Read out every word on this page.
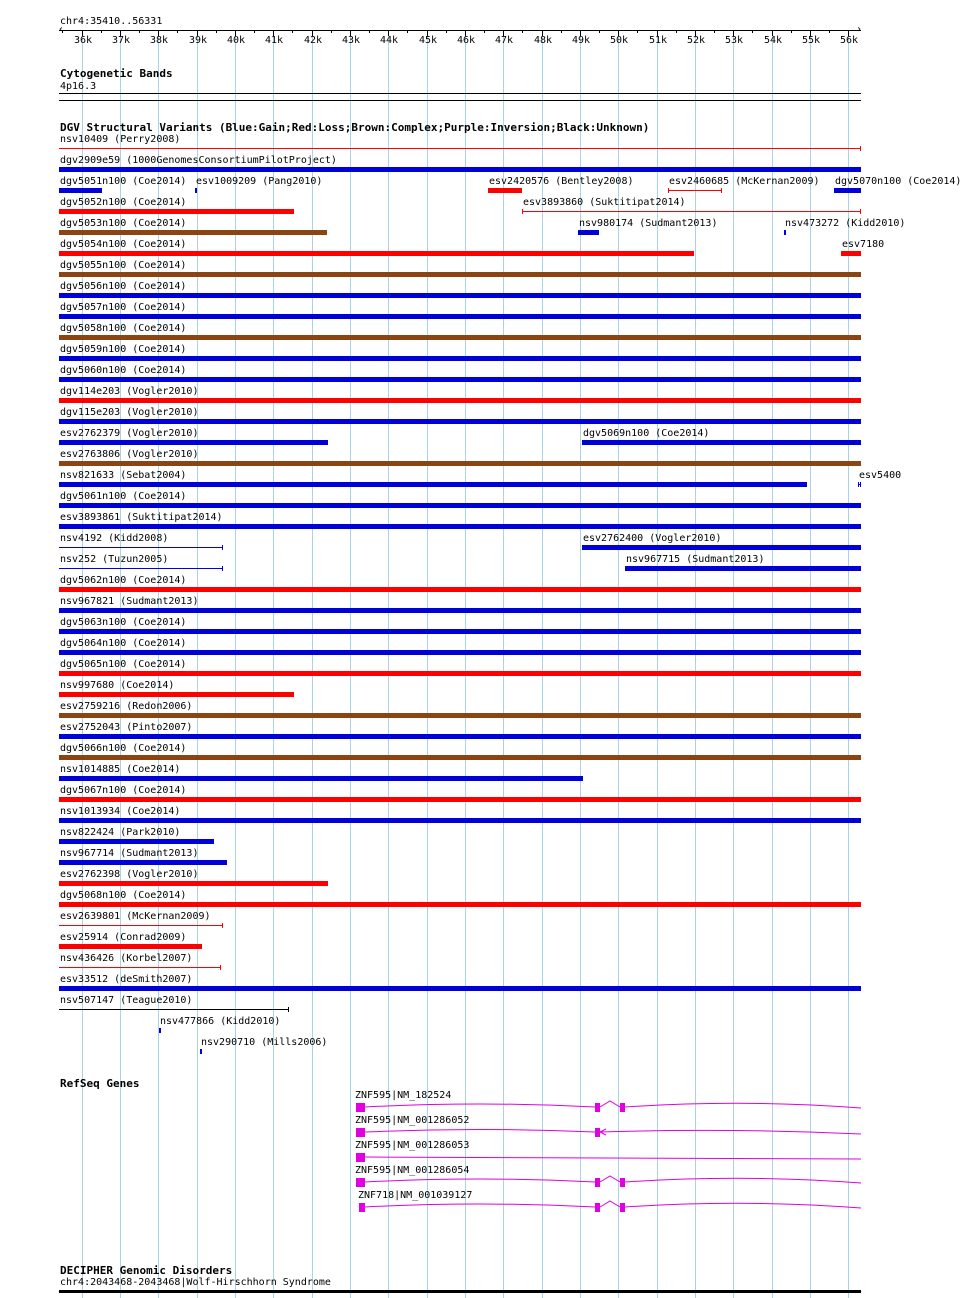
chr4:35410..56331
36k 37k 38k 39k 40k 41k 42k 43k 44k 45k 46k 47k 48k 49k 50k 51k 52k 53k 54k 55k 56k
‹	›
Cytogenetic Bands
4p16.3
DGV Structural Variants (Blue:Gain;Red:Loss;Brown:Complex;Purple:Inversion;Black:Unknown)
nsv10409 (Perry2008)
dgv2909e59 (1000GenomesConsortiumPilotProject)
dgv5051n100 (Coe2014) esv1009209 (Pang2010)	esv2420576 (Bentley2008)	esv2460685 (McKernan2009) dgv5070n100 (Coe2014)
dgv5052n100 (Coe2014)	esv3893860 (Suktitipat2014)
dgv5053n100 (Coe2014)	nsv980174 (Sudmant2013)	nsv473272 (Kidd2010)
dgv5054n100 (Coe2014)	esv7180
dgv5055n100 (Coe2014)
dgv5056n100 (Coe2014)
dgv5057n100 (Coe2014)
dgv5058n100 (Coe2014)
dgv5059n100 (Coe2014)
dgv5060n100 (Coe2014)
dgv114e203 (Vogler2010)
dgv115e203 (Vogler2010)
esv2762379 (Vogler2010)	dgv5069n100 (Coe2014)
esv2763806 (Vogler2010)
nsv821633 (Sebat2004)	esv5400
dgv5061n100 (Coe2014)
esv3893861 (Suktitipat2014)
nsv4192 (Kidd2008)	esv2762400 (Vogler2010)
nsv252 (Tuzun2005)	nsv967715 (Sudmant2013)
dgv5062n100 (Coe2014)
nsv967821 (Sudmant2013)
dgv5063n100 (Coe2014)
dgv5064n100 (Coe2014)
dgv5065n100 (Coe2014)
nsv997680 (Coe2014)
esv2759216 (Redon2006)
esv2752043 (Pinto2007)
dgv5066n100 (Coe2014)
nsv1014885 (Coe2014)
dgv5067n100 (Coe2014)
nsv1013934 (Coe2014)
nsv822424 (Park2010)
nsv967714 (Sudmant2013)
esv2762398 (Vogler2010)
dgv5068n100 (Coe2014)
esv2639801 (McKernan2009)
esv25914 (Conrad2009)
nsv436426 (Korbel2007)
esv33512 (deSmith2007)
nsv507147 (Teague2010)
nsv477866 (Kidd2010)
nsv290710 (Mills2006)
RefSeq Genes
ZNF595|NM_182524
ZNF595|NM_001286052
ZNF595|NM_001286053
ZNF595|NM_001286054
ZNF718|NM_001039127
DECIPHER Genomic Disorders
chr4:2043468-2043468|Wolf-Hirschhorn Syndrome
